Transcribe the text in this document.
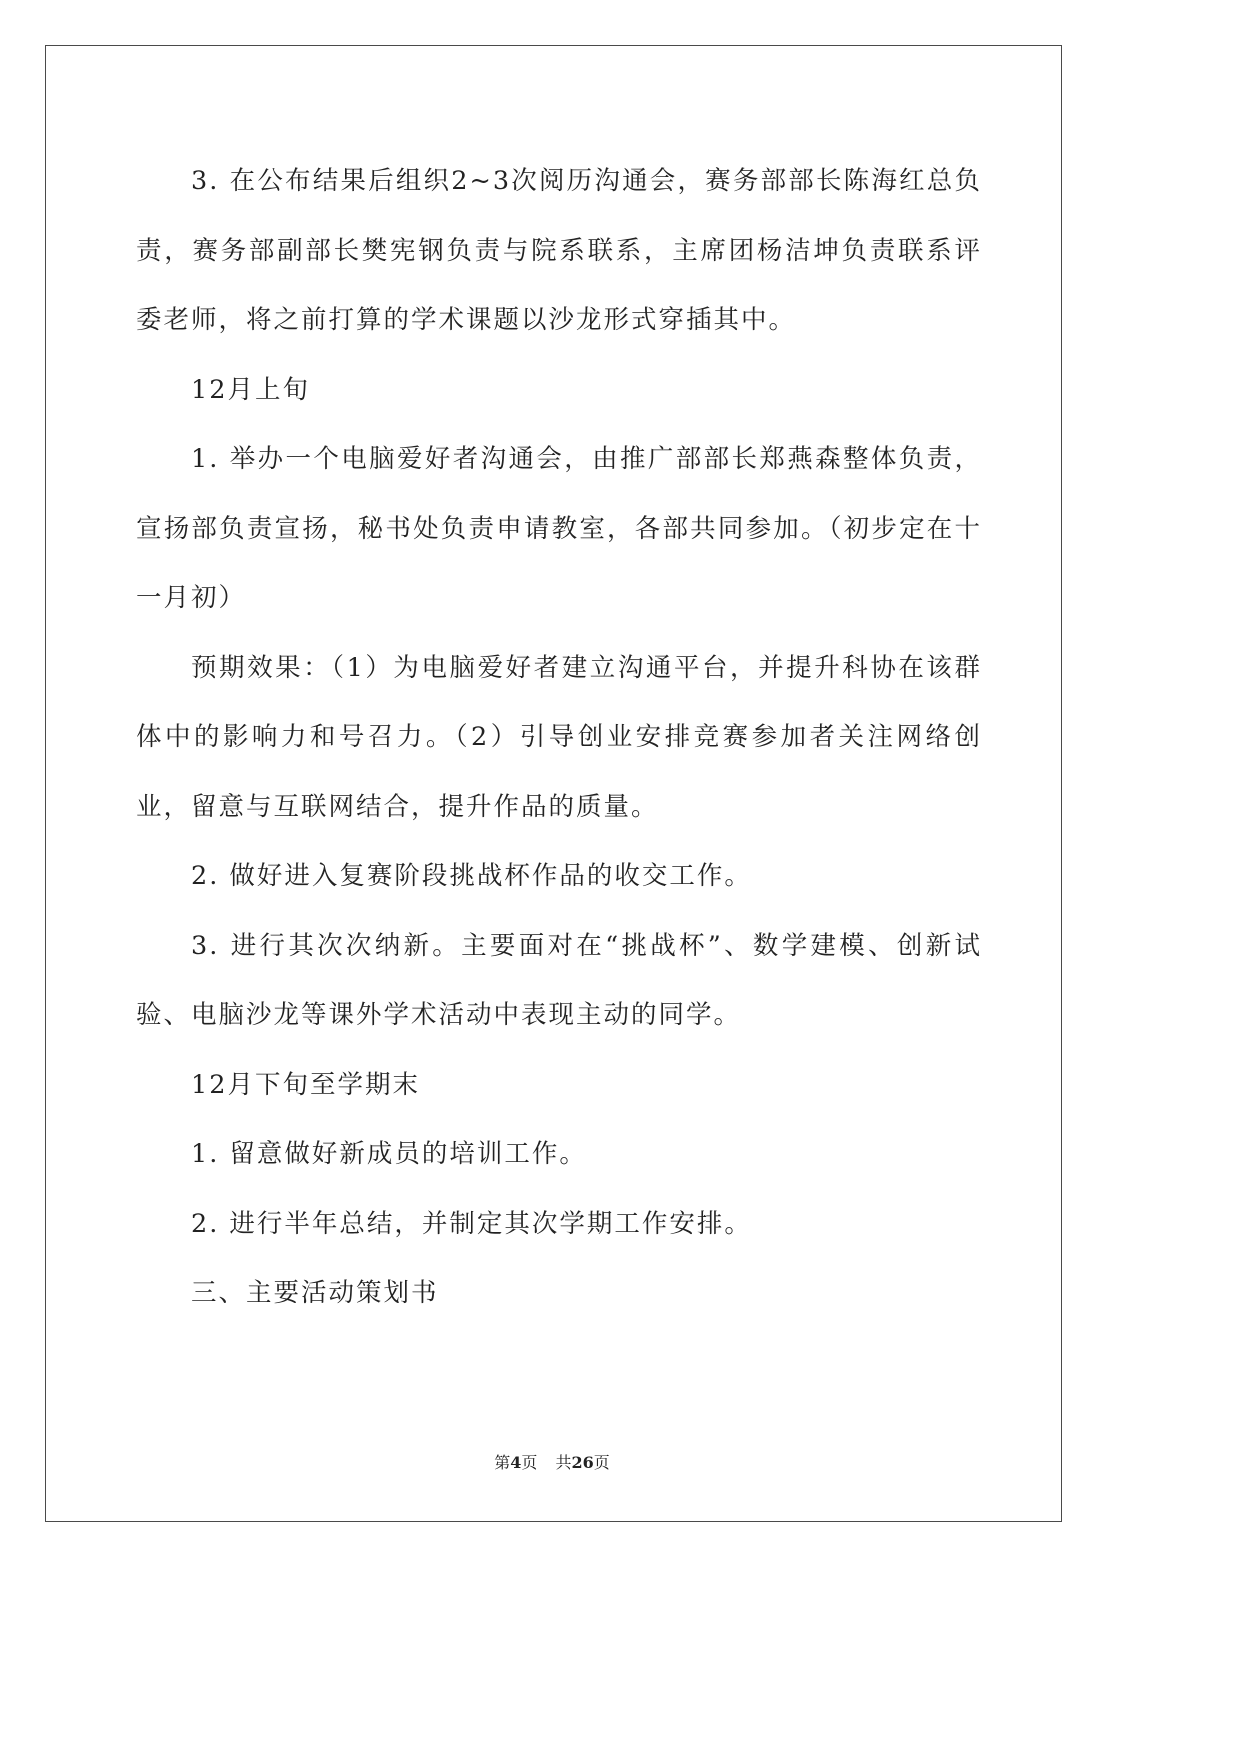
3. 在公布结果后组织2~3次阅历沟通会，赛务部部长陈海红总负责，赛务部副部长樊宪钢负责与院系联系，主席团杨洁坤负责联系评委老师，将之前打算的学术课题以沙龙形式穿插其中。

12月上旬

1. 举办一个电脑爱好者沟通会，由推广部部长郑燕森整体负责，宣扬部负责宣扬，秘书处负责申请教室，各部共同参加。（初步定在十一月初）

预期效果：（1）为电脑爱好者建立沟通平台，并提升科协在该群体中的影响力和号召力。（2）引导创业安排竞赛参加者关注网络创业，留意与互联网结合，提升作品的质量。

2. 做好进入复赛阶段挑战杯作品的收交工作。

3. 进行其次次纳新。主要面对在“挑战杯”、数学建模、创新试验、电脑沙龙等课外学术活动中表现主动的同学。

12月下旬至学期末

1. 留意做好新成员的培训工作。

2. 进行半年总结，并制定其次学期工作安排。

三、主要活动策划书

第4页 共26页
